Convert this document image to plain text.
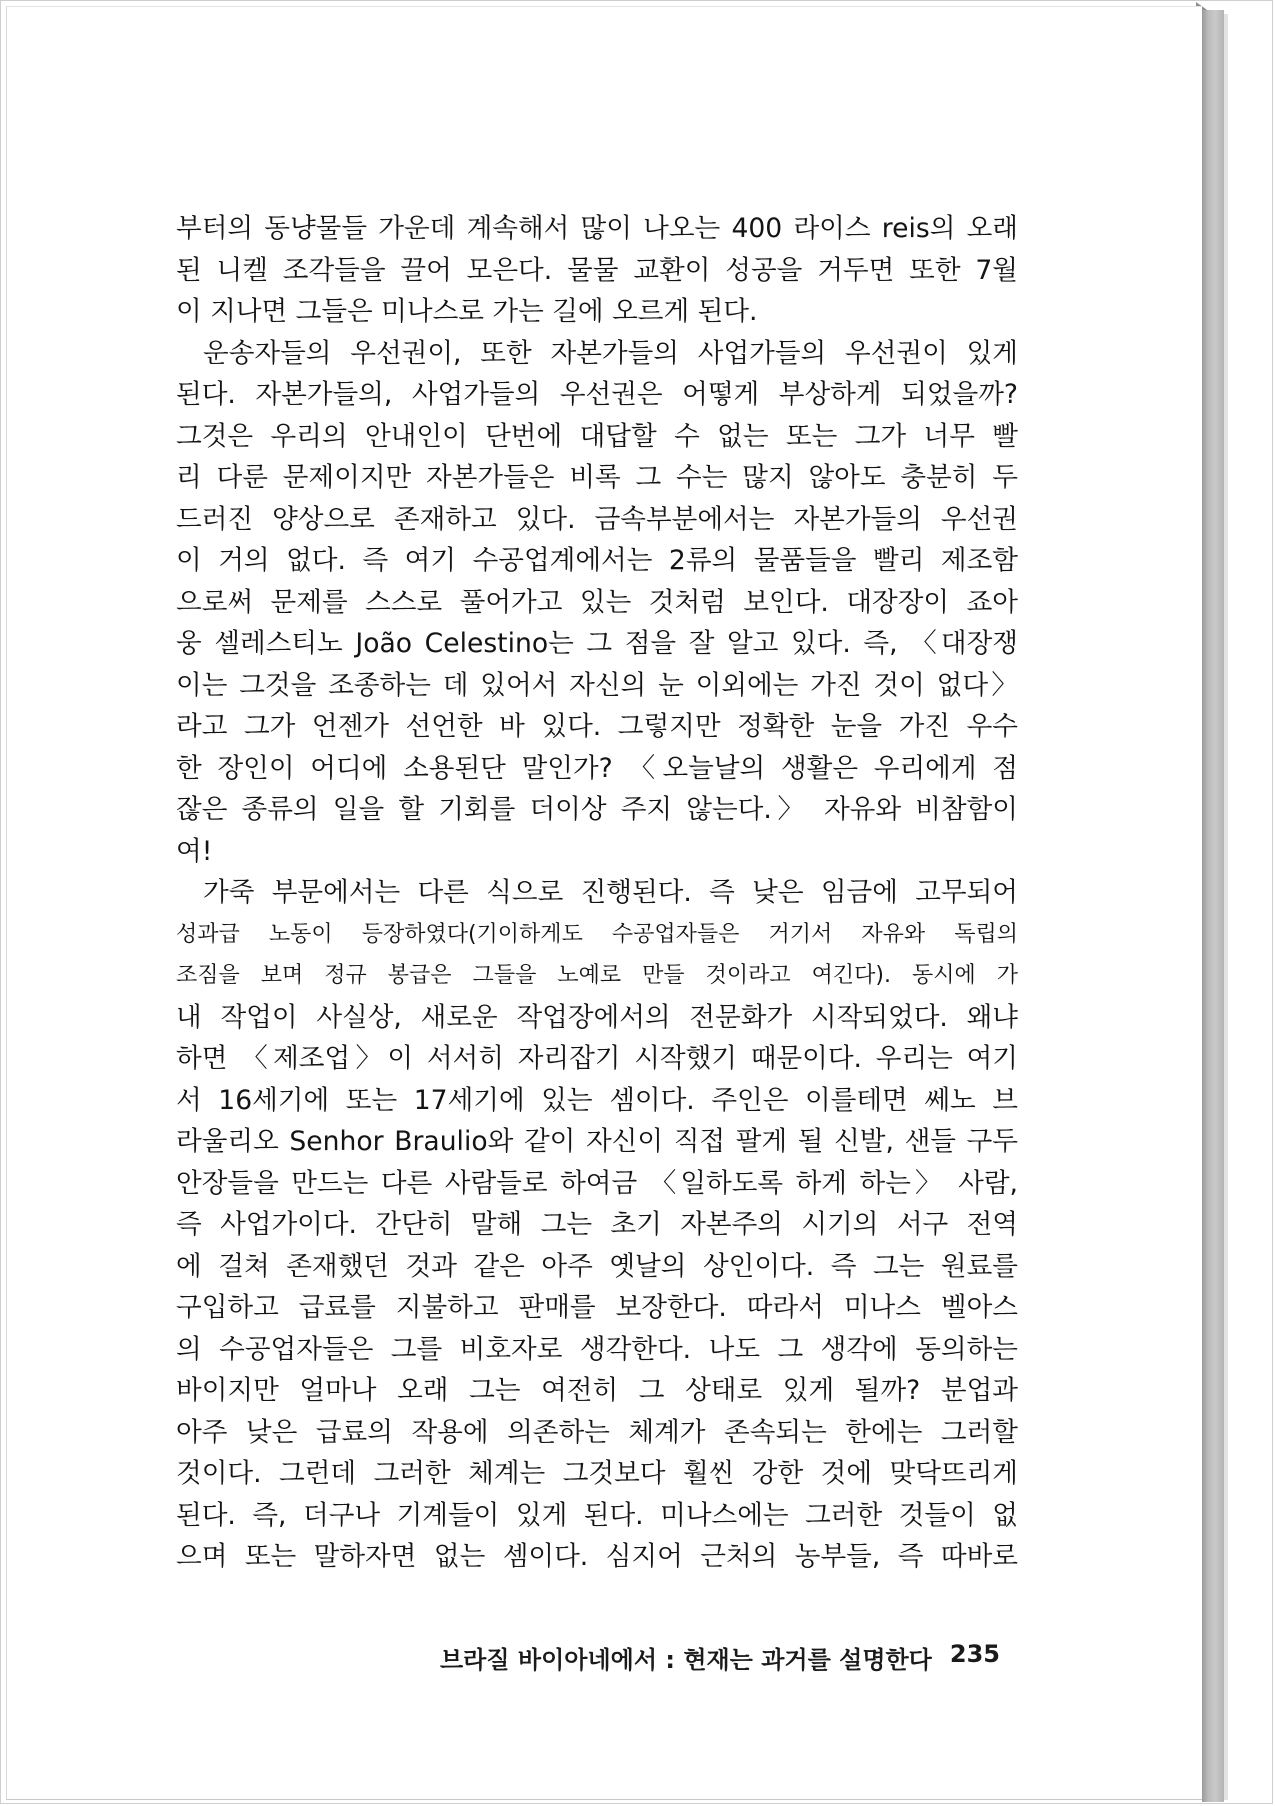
부터의 동냥물들 가운데 계속해서 많이 나오는 400 라이스 reis의 오래
된 니켈 조각들을 끌어 모은다. 물물 교환이 성공을 거두면 또한 7월
이 지나면 그들은 미나스로 가는 길에 오르게 된다.
운송자들의 우선권이, 또한 자본가들의 사업가들의 우선권이 있게
된다. 자본가들의, 사업가들의 우선권은 어떻게 부상하게 되었을까?
그것은 우리의 안내인이 단번에 대답할 수 없는 또는 그가 너무 빨
리 다룬 문제이지만 자본가들은 비록 그 수는 많지 않아도 충분히 두
드러진 양상으로 존재하고 있다. 금속부분에서는 자본가들의 우선권
이 거의 없다. 즉 여기 수공업계에서는 2류의 물품들을 빨리 제조함
으로써 문제를 스스로 풀어가고 있는 것처럼 보인다. 대장장이 죠아
웅 셀레스티노 João Celestino는 그 점을 잘 알고 있다. 즉, 〈대장쟁
이는 그것을 조종하는 데 있어서 자신의 눈 이외에는 가진 것이 없다〉
라고 그가 언젠가 선언한 바 있다. 그렇지만 정확한 눈을 가진 우수
한 장인이 어디에 소용된단 말인가? 〈오늘날의 생활은 우리에게 점
잖은 종류의 일을 할 기회를 더이상 주지 않는다.〉 자유와 비참함이
여!
가죽 부문에서는 다른 식으로 진행된다. 즉 낮은 임금에 고무되어
성과급 노동이 등장하였다(기이하게도 수공업자들은 거기서 자유와 독립의
조짐을 보며 정규 봉급은 그들을 노예로 만들 것이라고 여긴다). 동시에 가
내 작업이 사실상, 새로운 작업장에서의 전문화가 시작되었다. 왜냐
하면 〈제조업〉이 서서히 자리잡기 시작했기 때문이다. 우리는 여기
서 16세기에 또는 17세기에 있는 셈이다. 주인은 이를테면 쎄노 브
라울리오 Senhor Braulio와 같이 자신이 직접 팔게 될 신발, 샌들 구두
안장들을 만드는 다른 사람들로 하여금 〈일하도록 하게 하는〉 사람,
즉 사업가이다. 간단히 말해 그는 초기 자본주의 시기의 서구 전역
에 걸쳐 존재했던 것과 같은 아주 옛날의 상인이다. 즉 그는 원료를
구입하고 급료를 지불하고 판매를 보장한다. 따라서 미나스 벨아스
의 수공업자들은 그를 비호자로 생각한다. 나도 그 생각에 동의하는
바이지만 얼마나 오래 그는 여전히 그 상태로 있게 될까? 분업과
아주 낮은 급료의 작용에 의존하는 체계가 존속되는 한에는 그러할
것이다. 그런데 그러한 체계는 그것보다 훨씬 강한 것에 맞닥뜨리게
된다. 즉, 더구나 기계들이 있게 된다. 미나스에는 그러한 것들이 없
으며 또는 말하자면 없는 셈이다. 심지어 근처의 농부들, 즉 따바로
브라질 바이아네에서 : 현재는 과거를 설명한다 235
